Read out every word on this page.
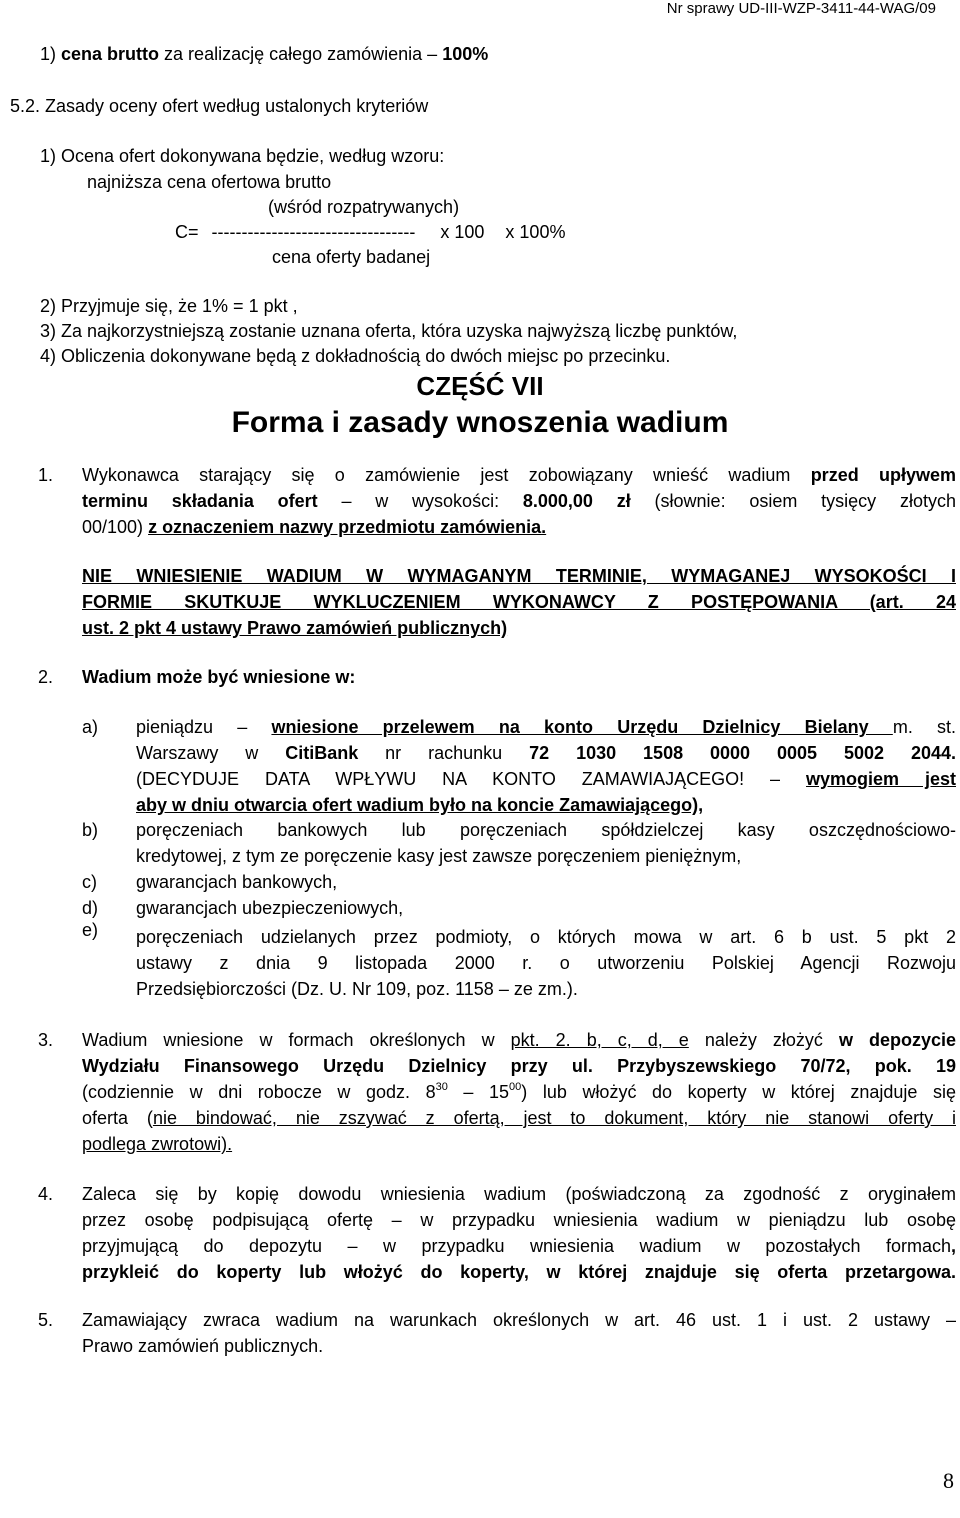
Nr sprawy UD-III-WZP-3411-44-WAG/09
1) cena brutto za realizację całego zamówienia – 100%
5.2. Zasady oceny ofert według ustalonych kryteriów
1) Ocena ofert dokonywana będzie, według wzoru:
najniższa cena ofertowa brutto
(wśród rozpatrywanych)
C= ---------------------------------- x 100 x 100%
cena oferty badanej
2) Przyjmuje się, że 1% = 1 pkt ,
3) Za najkorzystniejszą zostanie uznana oferta, która uzyska najwyższą liczbę punktów,
4) Obliczenia dokonywane będą z dokładnością do dwóch miejsc po przecinku.
CZĘŚĆ VII
Forma i zasady wnoszenia wadium
1. Wykonawca starający się o zamówienie jest zobowiązany wnieść wadium przed upływem
terminu składania ofert – w wysokości: 8.000,00 zł (słownie: osiem tysięcy złotych
00/100) z oznaczeniem nazwy przedmiotu zamówienia.
NIE WNIESIENIE WADIUM W WYMAGANYM TERMINIE, WYMAGANEJ WYSOKOŚCI I
FORMIE SKUTKUJE WYKLUCZENIEM WYKONAWCY Z POSTĘPOWANIA (art. 24
ust. 2 pkt 4 ustawy Prawo zamówień publicznych)
2. Wadium może być wniesione w:
a) pieniądzu – wniesione przelewem na konto Urzędu Dzielnicy Bielany m. st.
Warszawy w CitiBank nr rachunku 72 1030 1508 0000 0005 5002 2044.
(DECYDUJE DATA WPŁYWU NA KONTO ZAMAWIAJĄCEGO! – wymogiem jest
aby w dniu otwarcia ofert wadium było na koncie Zamawiającego),
b) poręczeniach bankowych lub poręczeniach spółdzielczej kasy oszczędnościowo-
kredytowej, z tym ze poręczenie kasy jest zawsze poręczeniem pieniężnym,
c) gwarancjach bankowych,
d) gwarancjach ubezpieczeniowych,
e) poręczeniach udzielanych przez podmioty, o których mowa w art. 6 b ust. 5 pkt 2
ustawy z dnia 9 listopada 2000 r. o utworzeniu Polskiej Agencji Rozwoju
Przedsiębiorczości (Dz. U. Nr 109, poz. 1158 – ze zm.).
3. Wadium wniesione w formach określonych w pkt. 2. b, c, d, e należy złożyć w depozycie
Wydziału Finansowego Urzędu Dzielnicy przy ul. Przybyszewskiego 70/72, pok. 19
(codziennie w dni robocze w godz. $8^{30} - 15^{00}$) lub włożyć do koperty w której znajduje się
oferta (nie bindować, nie zszywać z ofertą, jest to dokument, który nie stanowi oferty i
podlega zwrotowi).
4. Zaleca się by kopię dowodu wniesienia wadium (poświadczoną za zgodność z oryginałem
przez osobę podpisującą ofertę – w przypadku wniesienia wadium w pieniądzu lub osobę
przyjmującą do depozytu – w przypadku wniesienia wadium w pozostałych formach,
przykleić do koperty lub włożyć do koperty, w której znajduje się oferta przetargowa.
5. Zamawiający zwraca wadium na warunkach określonych w art. 46 ust. 1 i ust. 2 ustawy –
Prawo zamówień publicznych.
8
